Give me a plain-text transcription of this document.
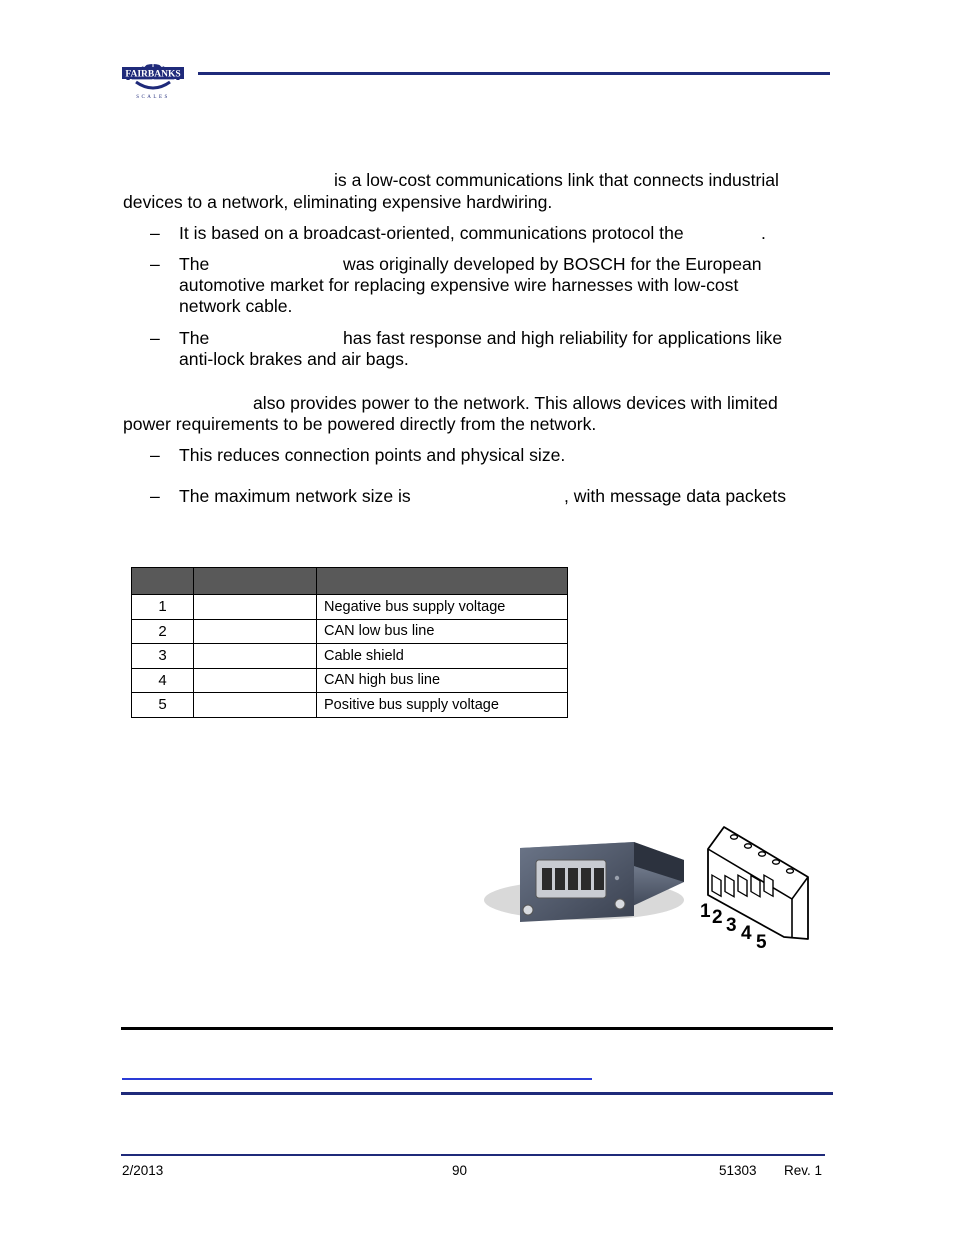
FAIRBANKS
SCALES
is a low-cost communications link that connects industrial
devices to a network, eliminating expensive hardwiring.
– It is based on a broadcast-oriented, communications protocol the	.
– The	was originally developed by BOSCH for the European
automotive market for replacing expensive wire harnesses with low-cost
network cable.
– The	has fast response and high reliability for applications like
anti-lock brakes and air bags.
also provides power to the network. This allows devices with limited
power requirements to be powered directly from the network.
– This reduces connection points and physical size.
– The maximum network size is	, with message data packets

1		Negative bus supply voltage
2		CAN low bus line
3		Cable shield
4		CAN high bus line
5		Positive bus supply voltage
1 2 3 4 5
2/2013	90	51303 Rev. 1
